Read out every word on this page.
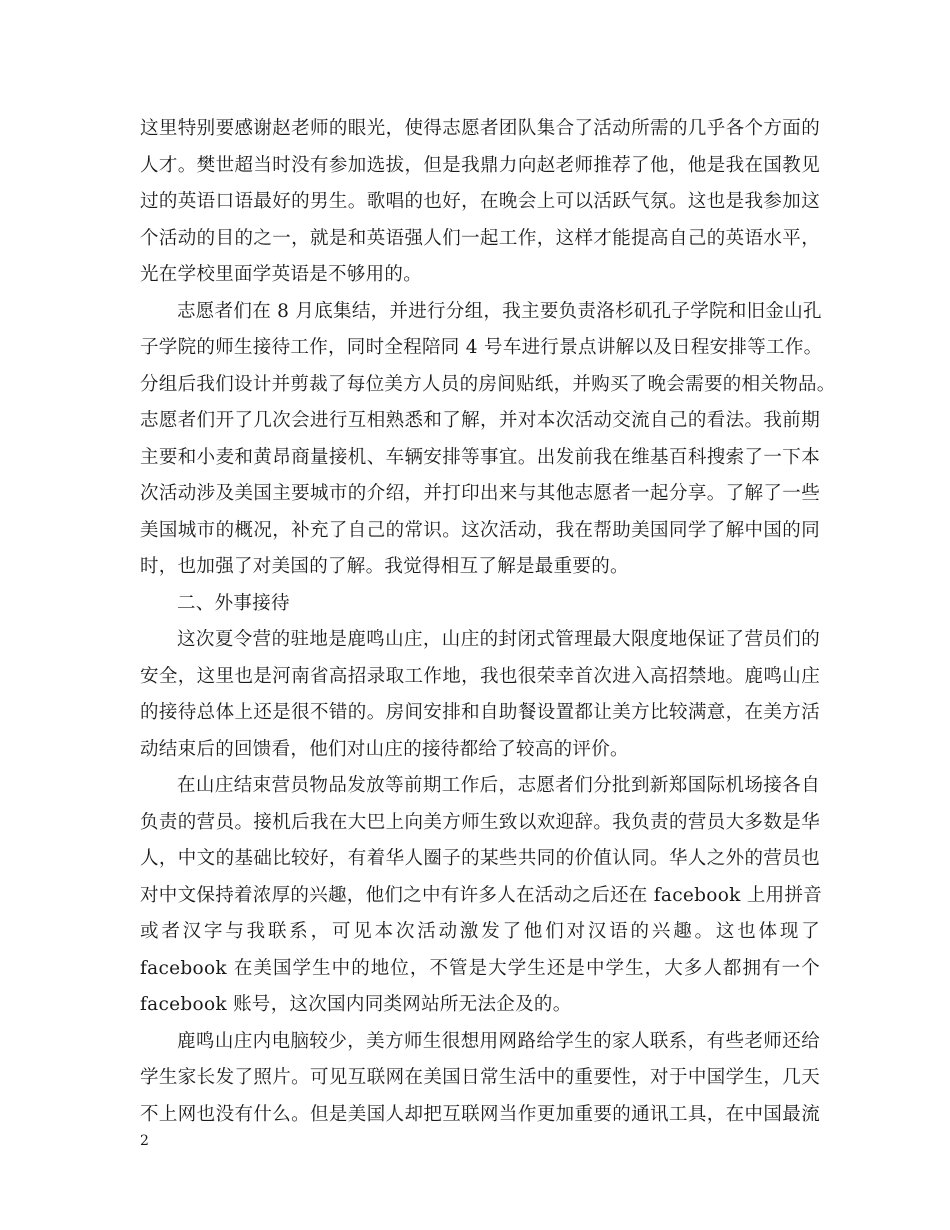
这里特别要感谢赵老师的眼光，使得志愿者团队集合了活动所需的几乎各个方面的
人才。樊世超当时没有参加选拔，但是我鼎力向赵老师推荐了他，他是我在国教见
过的英语口语最好的男生。歌唱的也好，在晚会上可以活跃气氛。这也是我参加这
个活动的目的之一，就是和英语强人们一起工作，这样才能提高自己的英语水平，
光在学校里面学英语是不够用的。
志愿者们在 8 月底集结，并进行分组，我主要负责洛杉矶孔子学院和旧金山孔
子学院的师生接待工作，同时全程陪同 4 号车进行景点讲解以及日程安排等工作。
分组后我们设计并剪裁了每位美方人员的房间贴纸，并购买了晚会需要的相关物品。
志愿者们开了几次会进行互相熟悉和了解，并对本次活动交流自己的看法。我前期
主要和小麦和黄昂商量接机、车辆安排等事宜。出发前我在维基百科搜索了一下本
次活动涉及美国主要城市的介绍，并打印出来与其他志愿者一起分享。了解了一些
美国城市的概况，补充了自己的常识。这次活动，我在帮助美国同学了解中国的同
时，也加强了对美国的了解。我觉得相互了解是最重要的。
二、外事接待
这次夏令营的驻地是鹿鸣山庄，山庄的封闭式管理最大限度地保证了营员们的
安全，这里也是河南省高招录取工作地，我也很荣幸首次进入高招禁地。鹿鸣山庄
的接待总体上还是很不错的。房间安排和自助餐设置都让美方比较满意，在美方活
动结束后的回馈看，他们对山庄的接待都给了较高的评价。
在山庄结束营员物品发放等前期工作后，志愿者们分批到新郑国际机场接各自
负责的营员。接机后我在大巴上向美方师生致以欢迎辞。我负责的营员大多数是华
人，中文的基础比较好，有着华人圈子的某些共同的价值认同。华人之外的营员也
对中文保持着浓厚的兴趣，他们之中有许多人在活动之后还在 facebook 上用拼音
或者汉字与我联系，可见本次活动激发了他们对汉语的兴趣。这也体现了
facebook 在美国学生中的地位，不管是大学生还是中学生，大多人都拥有一个
facebook 账号，这次国内同类网站所无法企及的。
鹿鸣山庄内电脑较少，美方师生很想用网路给学生的家人联系，有些老师还给
学生家长发了照片。可见互联网在美国日常生活中的重要性，对于中国学生，几天
不上网也没有什么。但是美国人却把互联网当作更加重要的通讯工具，在中国最流
2
